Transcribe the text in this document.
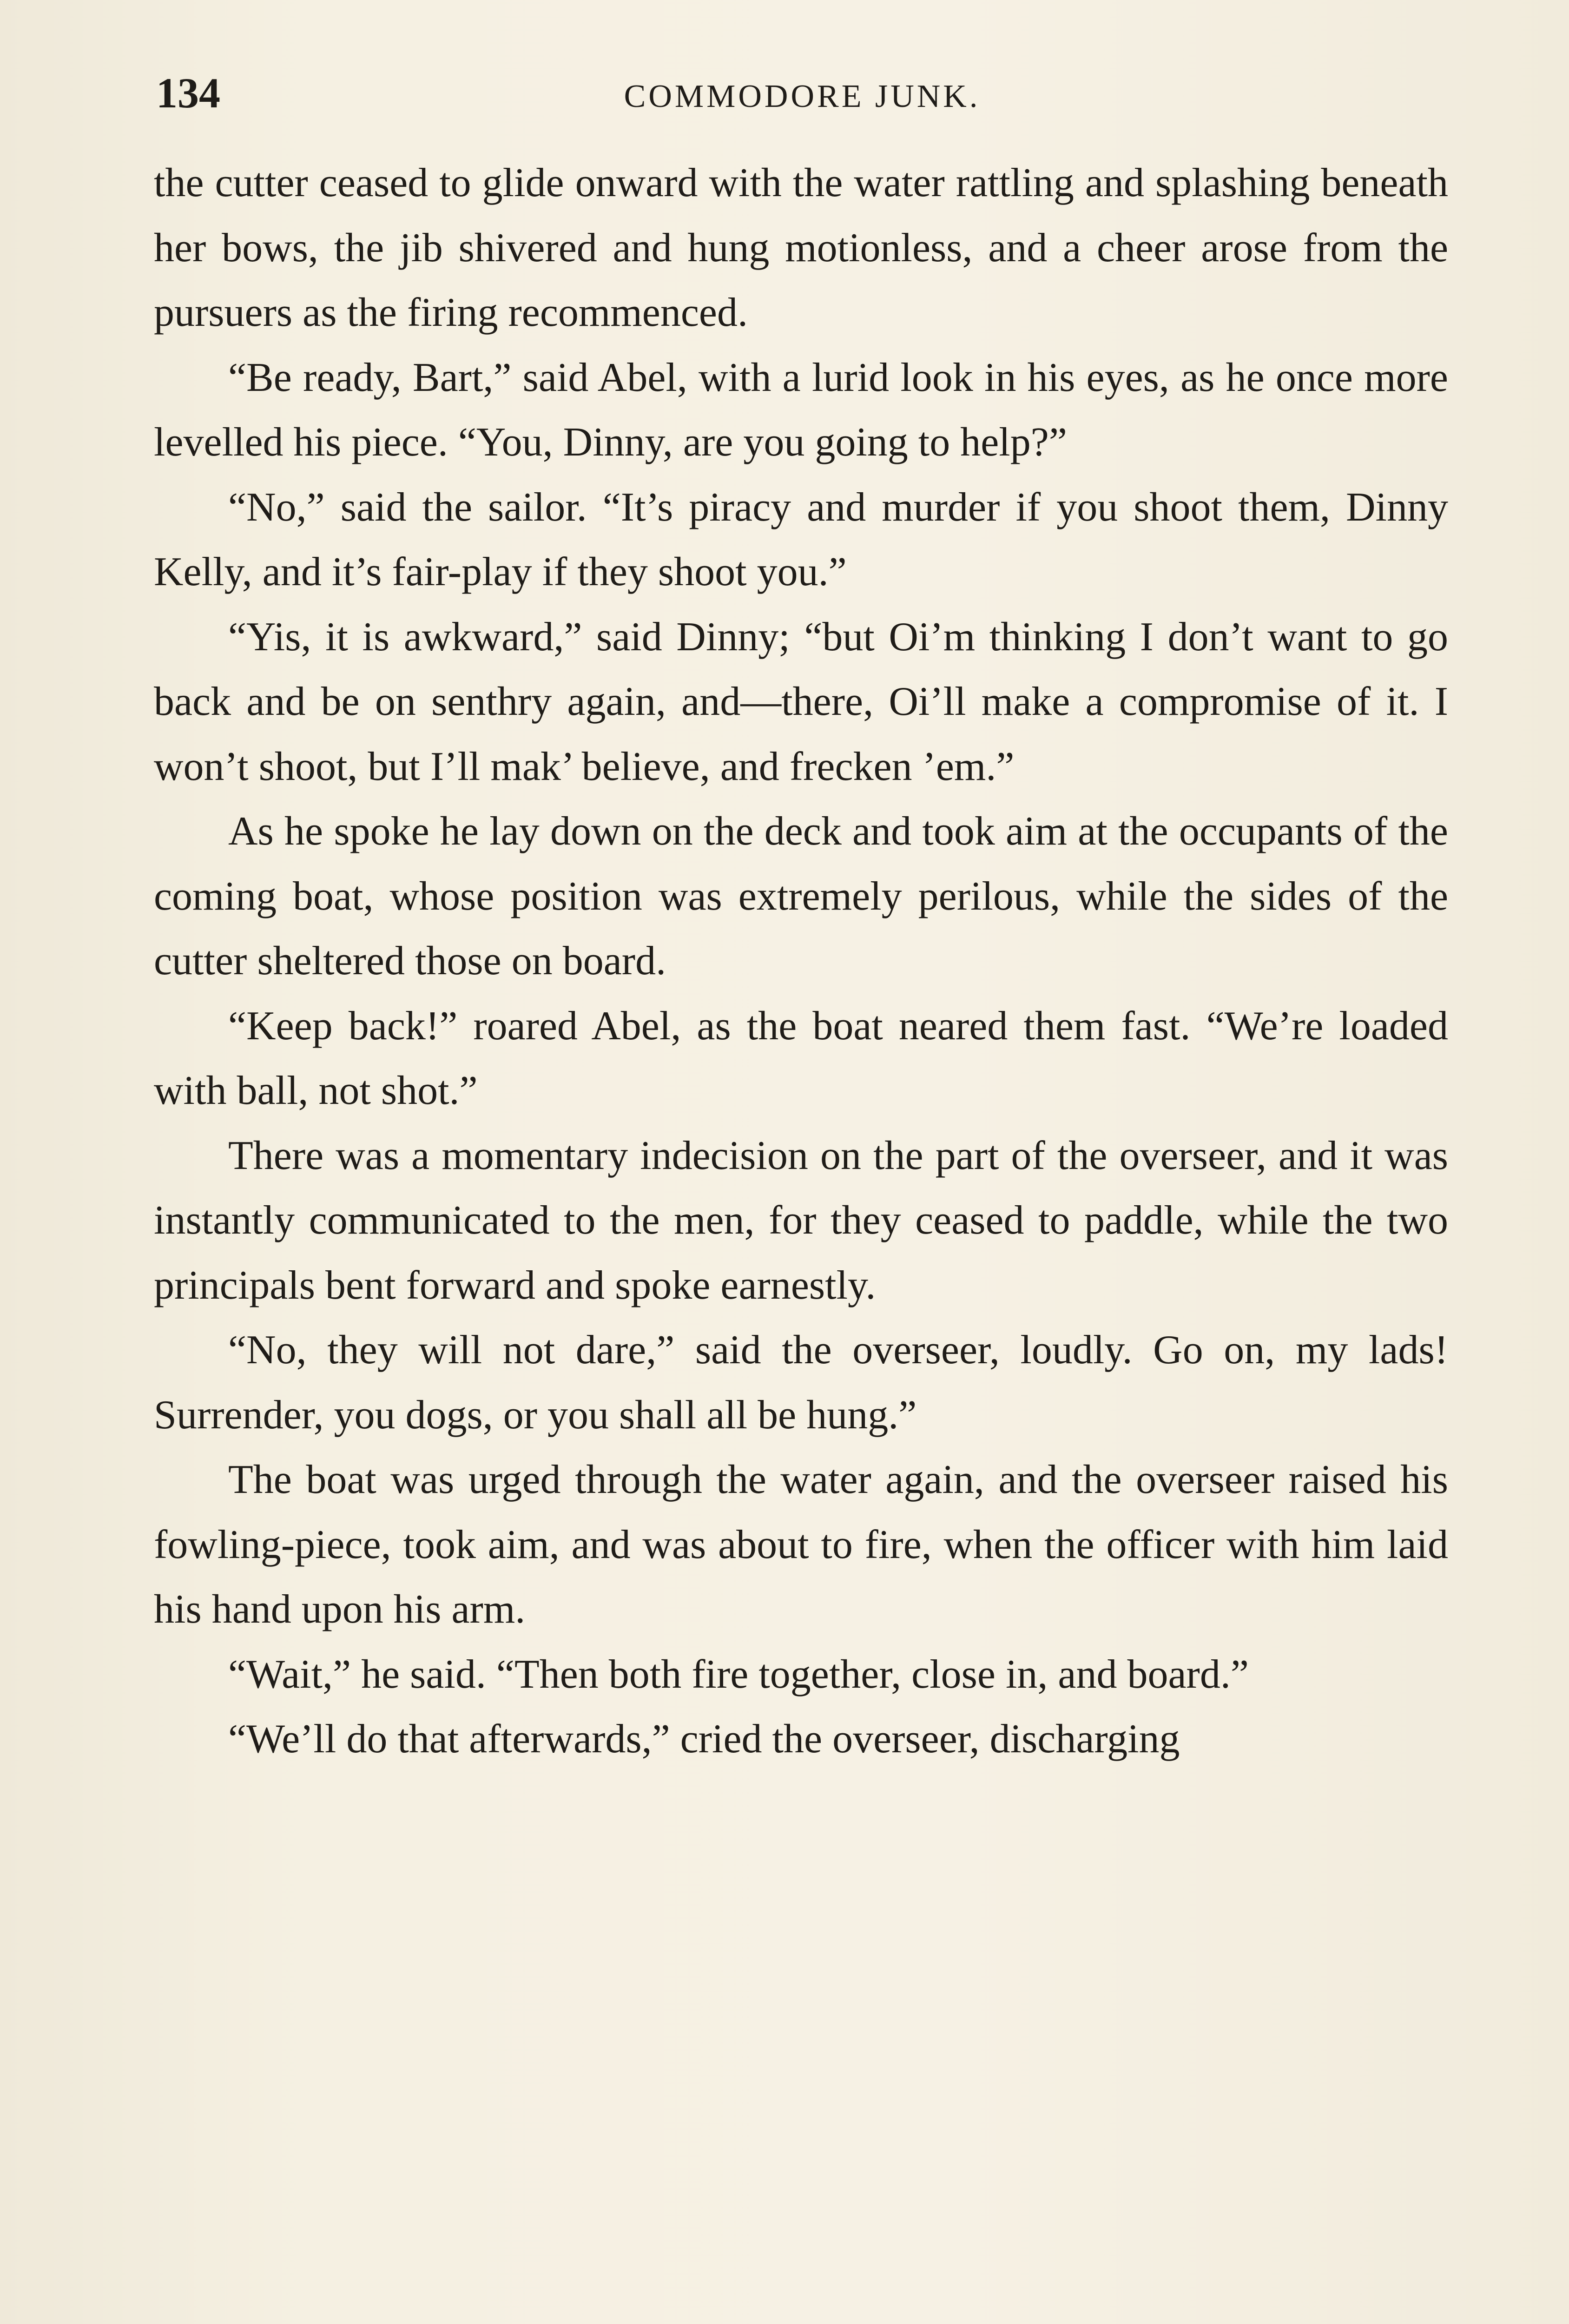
134	COMMODORE JUNK.

the cutter ceased to glide onward with the water rattling and splashing beneath her bows, the jib shivered and hung motionless, and a cheer arose from the pursuers as the firing recommenced.

“Be ready, Bart,” said Abel, with a lurid look in his eyes, as he once more levelled his piece. “You, Dinny, are you going to help?”

“No,” said the sailor. “It’s piracy and murder if you shoot them, Dinny Kelly, and it’s fair-play if they shoot you.”

“Yis, it is awkward,” said Dinny; “but Oi’m thinking I don’t want to go back and be on senthry again, and—there, Oi’ll make a compromise of it. I won’t shoot, but I’ll mak’ believe, and frecken ’em.”

As he spoke he lay down on the deck and took aim at the occupants of the coming boat, whose position was extremely perilous, while the sides of the cutter sheltered those on board.

“Keep back!” roared Abel, as the boat neared them fast. “We’re loaded with ball, not shot.”

There was a momentary indecision on the part of the overseer, and it was instantly communicated to the men, for they ceased to paddle, while the two principals bent forward and spoke earnestly.

“No, they will not dare,” said the overseer, loudly. Go on, my lads! Surrender, you dogs, or you shall all be hung.”

The boat was urged through the water again, and the overseer raised his fowling-piece, took aim, and was about to fire, when the officer with him laid his hand upon his arm.

“Wait,” he said. “Then both fire together, close in, and board.”

“We’ll do that afterwards,” cried the overseer, discharging
